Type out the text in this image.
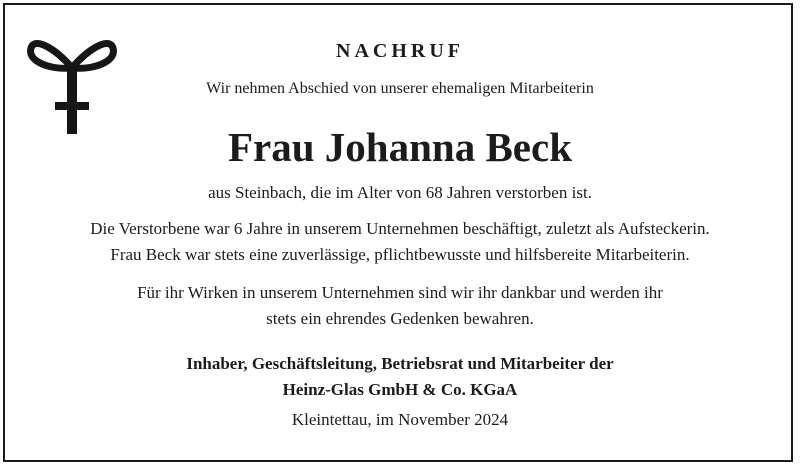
NACHRUF
Wir nehmen Abschied von unserer ehemaligen Mitarbeiterin
Frau Johanna Beck
aus Steinbach, die im Alter von 68 Jahren verstorben ist.
Die Verstorbene war 6 Jahre in unserem Unternehmen beschäftigt, zuletzt als Aufsteckerin.
Frau Beck war stets eine zuverlässige, pflichtbewusste und hilfsbereite Mitarbeiterin.
Für ihr Wirken in unserem Unternehmen sind wir ihr dankbar und werden ihr
stets ein ehrendes Gedenken bewahren.
Inhaber, Geschäftsleitung, Betriebsrat und Mitarbeiter der
Heinz-Glas GmbH & Co. KGaA
Kleintettau, im November 2024
